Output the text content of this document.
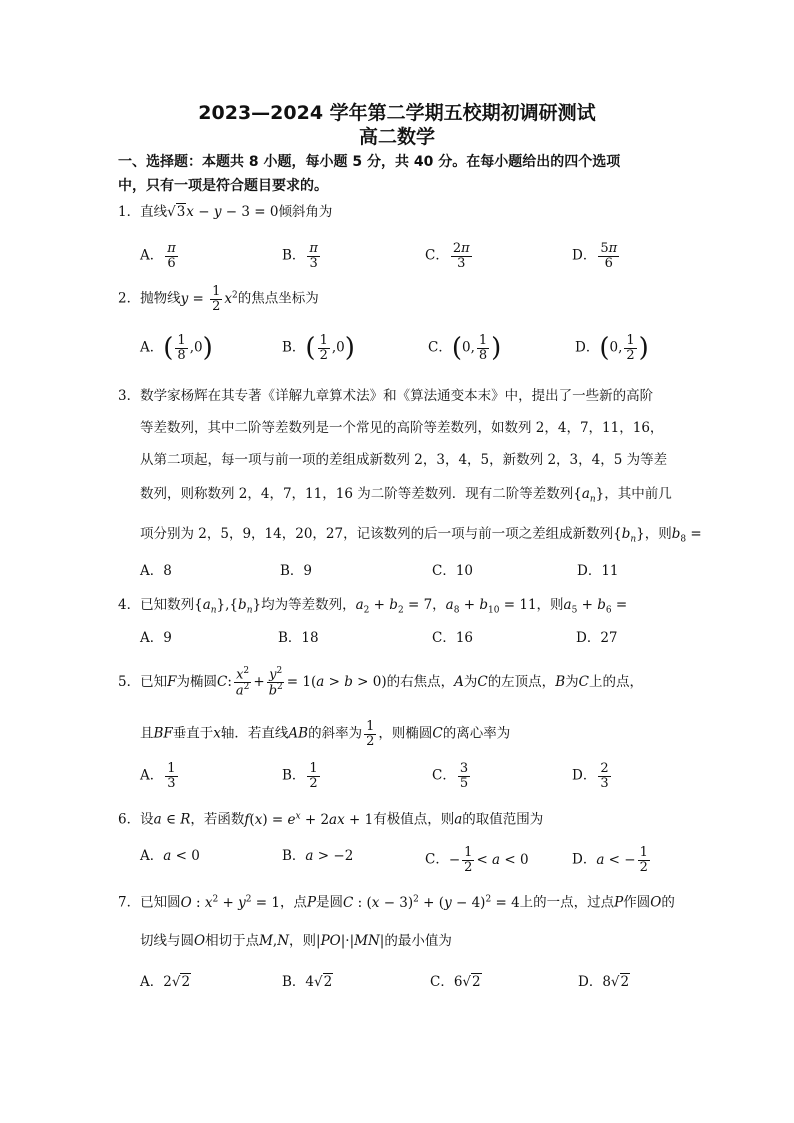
2023—2024 学年第二学期五校期初调研测试
高二数学
一、选择题：本题共 8 小题，每小题 5 分，共 40 分。在每小题给出的四个选项
中，只有一项是符合题目要求的。
1．直线√3x − y − 3 = 0倾斜角为
A． $\frac{\pi}{6}$	B． $\frac{\pi}{3}$	C． $\frac{2\pi}{3}$	D． $\frac{5\pi}{6}$
2．抛物线$y = \frac{1}{2} x^2$的焦点坐标为
A．( $\frac{1}{8} ,0$)	B．( $\frac{1}{2} ,0$)	C．(0, $\frac{1}{8}$ )	D．(0, $\frac{1}{2}$ )
3．数学家杨辉在其专著《详解九章算术法》和《算法通变本末》中，提出了一些新的高阶
等差数列，其中二阶等差数列是一个常见的高阶等差数列，如数列 2，4，7，11，16，
从第二项起，每一项与前一项的差组成新数列 2，3，4，5，新数列 2，3，4，5 为等差
数列，则称数列 2，4，7，11，16 为二阶等差数列．现有二阶等差数列$\{a_n\}$，其中前几
项分别为 2，5，9，14，20，27，记该数列的后一项与前一项之差组成新数列$\{b_n\}$，则$b_8$ =
A．8	B．9	C．10	D．11
4．已知数列$\{a_n\},\{b_n\}$均为等差数列，$a_2 + b_2 = 7$，$a_8 + b_{10} = 11$，则$a_5 + b_6$ =
A．9	B．18	C．16	D．27
5．已知F为椭圆C: $\frac{x^2}{a^2} + \frac{y^2}{b^2} = 1(a > b > 0)$的右焦点，A为C的左顶点，B为C上的点，
且BF垂直于x轴．若直线AB的斜率为 $\frac{1}{2}$ ，则椭圆C的离心率为
A． $\frac{1}{3}$	B． $\frac{1}{2}$	C． $\frac{3}{5}$	D． $\frac{2}{3}$
6．设a ∈ R，若函数$f(x) = e^x + 2ax + 1$有极值点，则a的取值范围为
A．a < 0	B．a > −2	C．− $\frac{1}{2} < a < 0$	D．a < − $\frac{1}{2}$
7．已知圆O : $x^2 + y^2 = 1$，点P是圆C : $(x - 3)^2 + (y - 4)^2 = 4$上的一点，过点P作圆O的
切线与圆O相切于点M,N，则|PO|·|MN|的最小值为
A．2√2	B．4√2	C．6√2	D．8√2
